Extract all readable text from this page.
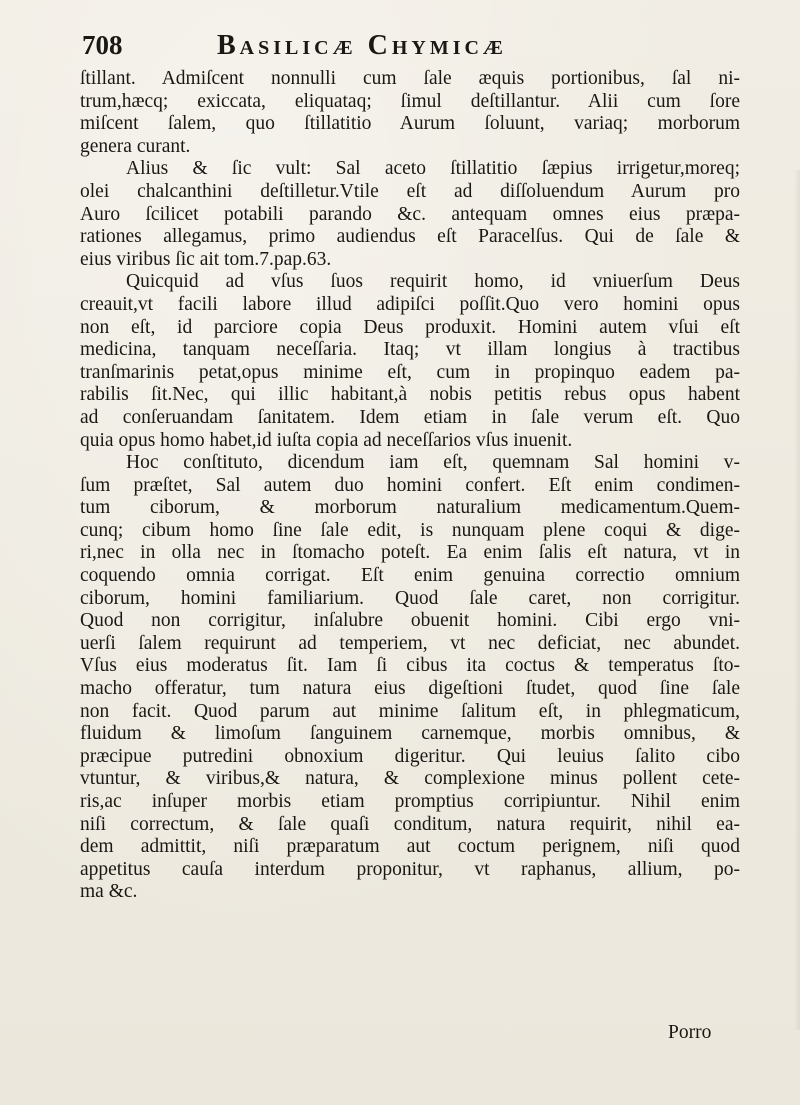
708	Basilicæ Chymicæ
ſtillant. Admiſcent nonnulli cum ſale æquis portionibus, ſal ni-
trum,hæcq; exiccata, eliquataq; ſimul deſtillantur. Alii cum ſore
miſcent ſalem, quo ſtillatitio Aurum ſoluunt, variaq; morborum
genera curant.
Alius & ſic vult: Sal aceto ſtillatitio ſæpius irrigetur,moreq;
olei chalcanthini deſtilletur.Vtile eſt ad diſſoluendum Aurum pro
Auro ſcilicet potabili parando &c. antequam omnes eius præpa-
rationes allegamus, primo audiendus eſt Paracelſus. Qui de ſale &
eius viribus ſic ait tom.7.pap.63.
Quicquid ad vſus ſuos requirit homo, id vniuerſum Deus
creauit,vt facili labore illud adipiſci poſſit.Quo vero homini opus
non eſt, id parciore copia Deus produxit. Homini autem vſui eſt
medicina, tanquam neceſſaria. Itaq; vt illam longius à tractibus
tranſmarinis petat,opus minime eſt, cum in propinquo eadem pa-
rabilis ſit.Nec, qui illic habitant,à nobis petitis rebus opus habent
ad conſeruandam ſanitatem. Idem etiam in ſale verum eſt. Quo
quia opus homo habet,id iuſta copia ad neceſſarios vſus inuenit.
Hoc conſtituto, dicendum iam eſt, quemnam Sal homini v-
ſum præſtet, Sal autem duo homini confert. Eſt enim condimen-
tum ciborum, & morborum naturalium medicamentum.Quem-
cunq; cibum homo ſine ſale edit, is nunquam plene coqui & dige-
ri,nec in olla nec in ſtomacho poteſt. Ea enim ſalis eſt natura, vt in
coquendo omnia corrigat. Eſt enim genuina correctio omnium
ciborum, homini familiarium. Quod ſale caret, non corrigitur.
Quod non corrigitur, inſalubre obuenit homini. Cibi ergo vni-
uerſi ſalem requirunt ad temperiem, vt nec deficiat, nec abundet.
Vſus eius moderatus ſit. Iam ſi cibus ita coctus & temperatus ſto-
macho offeratur, tum natura eius digeſtioni ſtudet, quod ſine ſale
non facit. Quod parum aut minime ſalitum eſt, in phlegmaticum,
fluidum & limoſum ſanguinem carnemque, morbis omnibus, &
præcipue putredini obnoxium digeritur. Qui leuius ſalito cibo
vtuntur, & viribus,& natura, & complexione minus pollent cete-
ris,ac inſuper morbis etiam promptius corripiuntur. Nihil enim
niſi correctum, & ſale quaſi conditum, natura requirit, nihil ea-
dem admittit, niſi præparatum aut coctum perignem, niſi quod
appetitus cauſa interdum proponitur, vt raphanus, allium, po-
ma &c.
Porro
